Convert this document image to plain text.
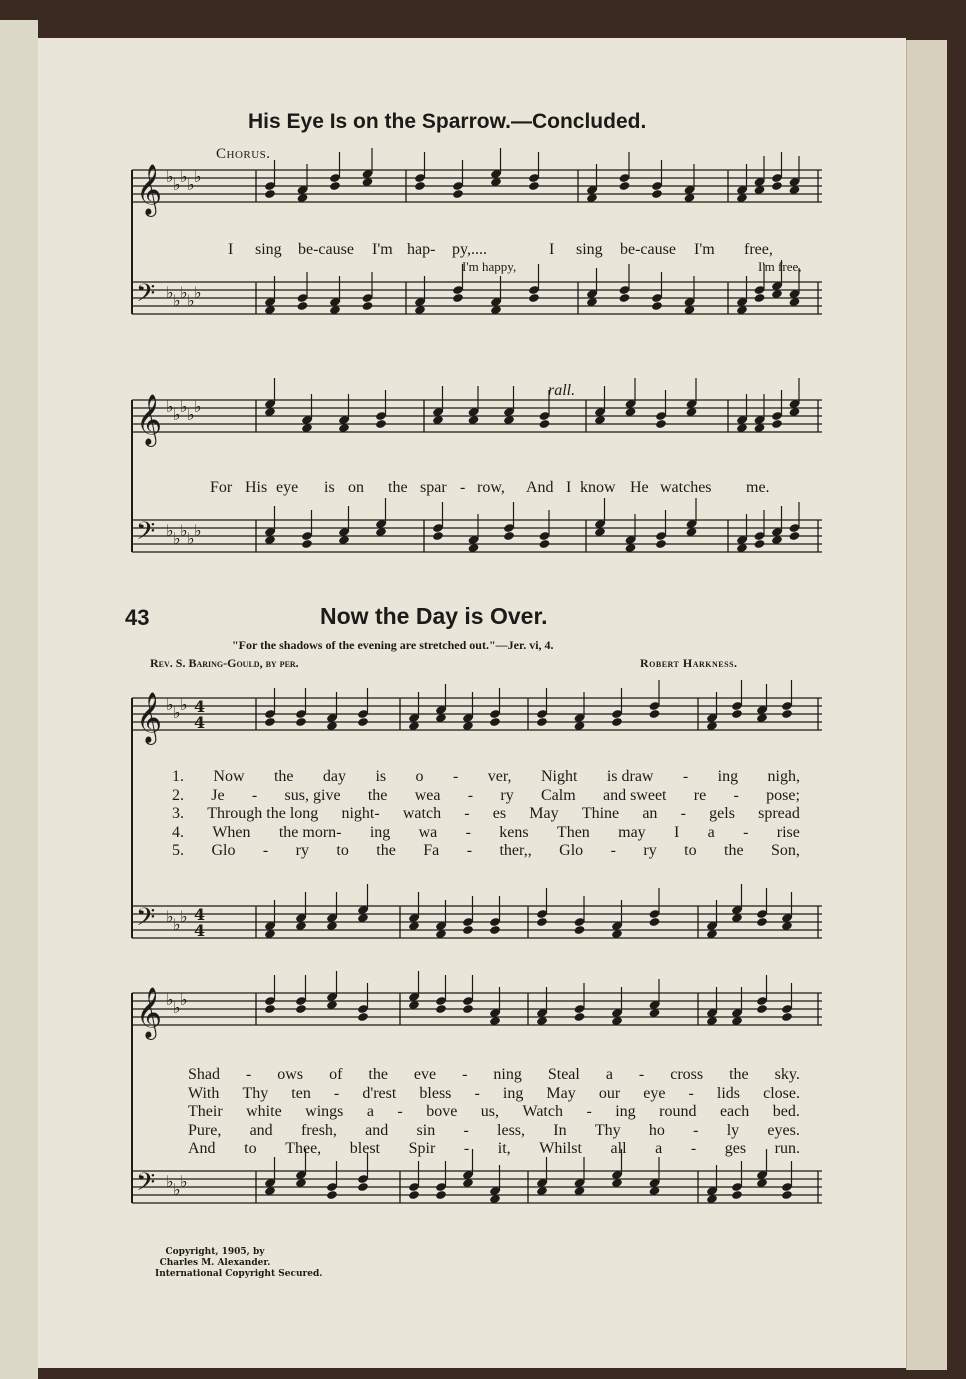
His Eye Is on the Sparrow.—Concluded.
Chorus.
𝄞
𝄢
♭ ♭ ♭ ♭ ♭
♭ ♭ ♭ ♭ ♭
I sing be-cause I'm hap- py,....	I sing be-cause I'm free,
I'm happy,	I'm free,
𝄞
𝄢
♭ ♭ ♭ ♭ ♭
♭ ♭ ♭ ♭ ♭
rall.
For His eye is on the spar - row, And I know He watches me.
43	Now the Day is Over.
"For the shadows of the evening are stretched out."—Jer. vi, 4.
Rev. S. Baring-Gould, by per.	Robert Harkness.
𝄞
𝄢
♭ ♭ ♭
♭ ♭ ♭
4
4
4
4
1. Now the day is o - ver, Night is draw - ing nigh,
2. Je - sus, give the wea - ry Calm and sweet re - pose;
3. Through the long night- watch - es May Thine an - gels spread
4. When the morn- ing wa - kens Then may I a - rise
5. Glo - ry to the Fa - ther,, Glo - ry to the Son,
𝄞
𝄢
♭ ♭ ♭
♭ ♭ ♭
Shad - ows of the eve - ning Steal a - cross the sky.
With Thy ten - d'rest bless - ing May our eye - lids close.
Their white wings a - bove us, Watch - ing round each bed.
Pure, and fresh, and sin - less, In Thy ho - ly eyes.
And to Thee, blest Spir - it, Whilst all a - ges run.
Copyright, 1905, by
Charles M. Alexander.
International Copyright Secured.
